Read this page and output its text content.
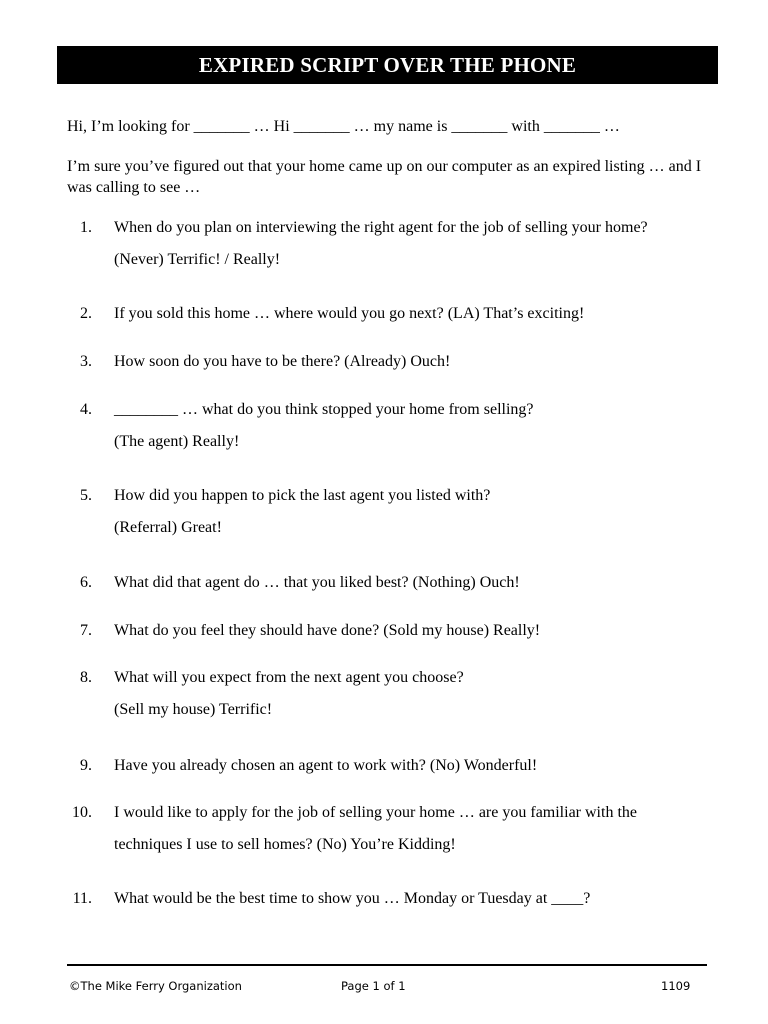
EXPIRED SCRIPT OVER THE PHONE

Hi, I’m looking for _______ … Hi _______ … my name is _______ with _______ …

I’m sure you’ve figured out that your home came up on our computer as an expired listing … and I was calling to see …

1. When do you plan on interviewing the right agent for the job of selling your home?
(Never) Terrific! / Really!
2. If you sold this home … where would you go next? (LA) That’s exciting!
3. How soon do you have to be there? (Already) Ouch!
4. ________ … what do you think stopped your home from selling?
(The agent) Really!
5. How did you happen to pick the last agent you listed with?
(Referral) Great!
6. What did that agent do … that you liked best? (Nothing) Ouch!
7. What do you feel they should have done? (Sold my house) Really!
8. What will you expect from the next agent you choose?
(Sell my house) Terrific!
9. Have you already chosen an agent to work with? (No) Wonderful!
10. I would like to apply for the job of selling your home … are you familiar with the
techniques I use to sell homes? (No) You’re Kidding!
11. What would be the best time to show you … Monday or Tuesday at ____?
©The Mike Ferry Organization	Page 1 of 1	1109
